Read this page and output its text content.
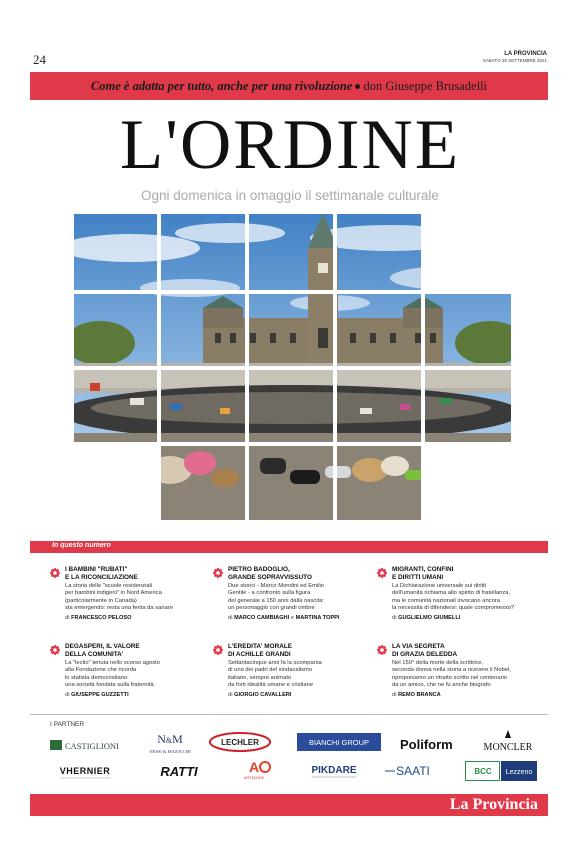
24	LA PROVINCIA
SABATO 25 SETTEMBRE 2021
Come è adatta per tutto, anche per una rivoluzione don Giuseppe Brusadelli
L'ORDINE
Ogni domenica in omaggio il settimanale culturale
In questo numero
I BAMBINI "RUBATI"
E LA RICONCILIAZIONE
La storia delle "scuole residenziali
per bambini indigeni" in Nord America
(particolarmente in Canada)
sta emergendo: resta una ferita da sanare
di FRANCESCO PELOSO
PIETRO BADOGLIO,
GRANDE SOPRAVVISSUTO
Due storici - Marco Mondini ed Emilio
Gentile - a confronto sulla figura
del generale a 150 anni dalla nascita:
un personaggio con grandi ombre
di MARCO CAMBIAGHI e MARTINA TOPPI
MIGRANTI, CONFINI
E DIRITTI UMANI
La Dichiarazione universale sui diritti
dell'umanità richiama allo spirito di fratellanza,
ma le comunità nazionali invocano ancora
la necessità di difendersi: quale compromesso?
di GUGLIELMO GIUMELLI
DEGASPERI, IL VALORE
DELLA COMUNITA'
La "lectio" tenuta nello scorso agosto
alla Fondazione che ricorda
lo statista democristiano:
una società fondata sulla fraternità
di GIUSEPPE GUZZETTI
L'EREDITA' MORALE
DI ACHILLE GRANDI
Settantacinque anni fa la scomparsa
di uno dei padri del sindacalismo
italiano, sempre animato
da forti idealità umane e cristiane
di GIORGIO CAVALLERI
LA VIA SEGRETA
DI GRAZIA DELEDDA
Nel 150° della morte della scrittrice,
seconda donna nella storia a ricevere il Nobel,
riproponiamo un ritratto scritto nel centenario
da un amico, che ne fu anche biografo
di REMO BRANCA
I PARTNER
CASTIGLIONI	N&M
NESSI & MAJOCCHI
LECHLER	BIANCHI GROUP Poliform	MONCLER
VHERNIER	RATTI	A
ARTEMIDE
PIKDARE	SAATI	BCC Lezzeno
La Provincia
